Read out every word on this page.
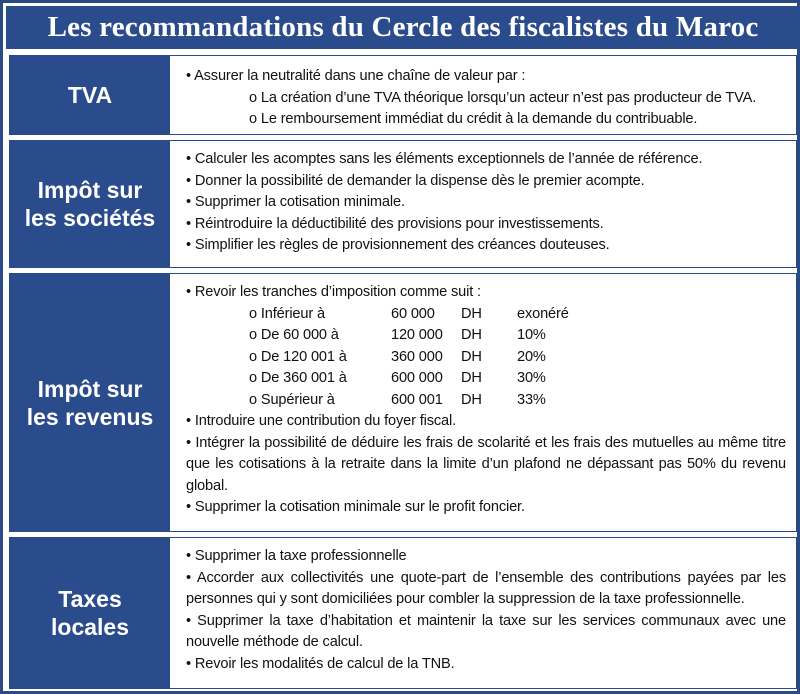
Les recommandations du Cercle des fiscalistes du Maroc
TVA
• Assurer la neutralité dans une chaîne de valeur par :
o La création d’une TVA théorique lorsqu’un acteur n’est pas producteur de TVA.
o Le remboursement immédiat du crédit à la demande du contribuable.
Impôt sur
les sociétés
• Calculer les acomptes sans les éléments exceptionnels de l’année de référence.
• Donner la possibilité de demander la dispense dès le premier acompte.
• Supprimer la cotisation minimale.
• Réintroduire la déductibilité des provisions pour investissements.
• Simplifier les règles de provisionnement des créances douteuses.
Impôt sur
les revenus
• Revoir les tranches d’imposition comme suit :
o Inférieur à	60 000	DH	exonéré
o De 60 000 à	120 000	DH	10%
o De 120 001 à	360 000	DH	20%
o De 360 001 à	600 000	DH	30%
o Supérieur à	600 001	DH	33%
• Introduire une contribution du foyer fiscal.
• Intégrer la possibilité de déduire les frais de scolarité et les frais des mutuelles au même titre que les cotisations à la retraite dans la limite d’un plafond ne dépassant pas 50% du revenu global.
• Supprimer la cotisation minimale sur le profit foncier.
Taxes
locales
• Supprimer la taxe professionnelle
• Accorder aux collectivités une quote-part de l’ensemble des contributions payées par les personnes qui y sont domiciliées pour combler la suppression de la taxe professionnelle.
• Supprimer la taxe d’habitation et maintenir la taxe sur les services communaux avec une nouvelle méthode de calcul.
• Revoir les modalités de calcul de la TNB.
